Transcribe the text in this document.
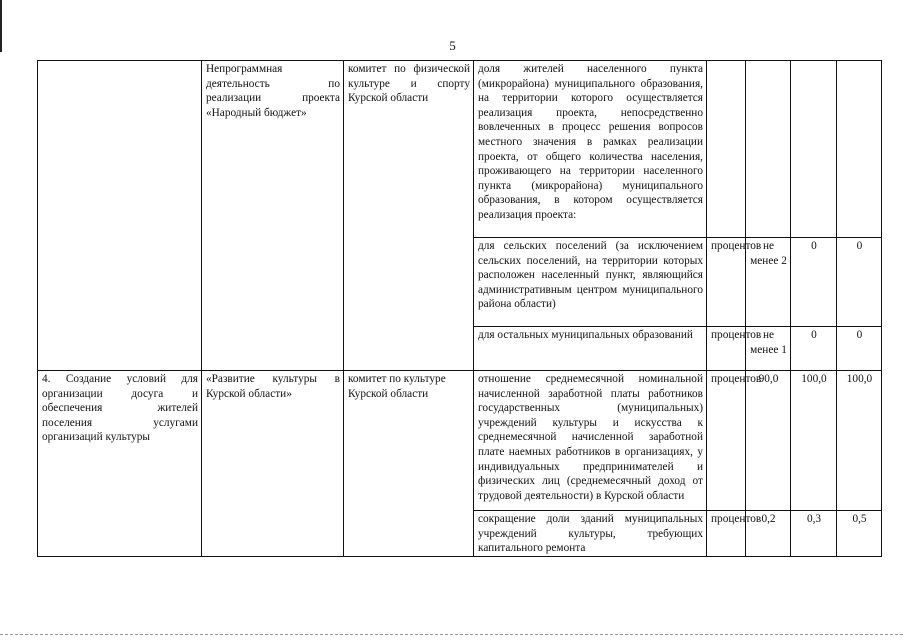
5
	Непрограммная деятельность по реализации проекта «Народный бюджет»	комитет по физической культуре и спорту Курской области	доля жителей населенного пункта (микрорайона) муниципального образования, на территории которого осуществляется реализация проекта, непосредственно вовлеченных в процесс решения вопросов местного значения в рамках реализации проекта, от общего количества населения, проживающего на территории населенного пункта (микрорайона) муниципального образования, в котором осуществляется реализация проекта:				
			для сельских поселений (за исключением сельских поселений, на территории которых расположен населенный пункт, являющийся административным центром муниципального района области)	процентов	не менее 2	0	0
			для остальных муниципальных образований	процентов	не менее 1	0	0
4. Создание условий для организации досуга и обеспечения жителей поселения услугами организаций культуры	«Развитие культуры в Курской области»	комитет по культуре Курской области	отношение среднемесячной номинальной начисленной заработной платы работников государственных (муниципальных) учреждений культуры и искусства к среднемесячной начисленной заработной плате наемных работников в организациях, у индивидуальных предпринимателей и физических лиц (среднемесячный доход от трудовой деятельности) в Курской области	процентов	90,0	100,0	100,0
			сокращение доли зданий муниципальных учреждений культуры, требующих капитального ремонта	процентов	0,2	0,3	0,5
